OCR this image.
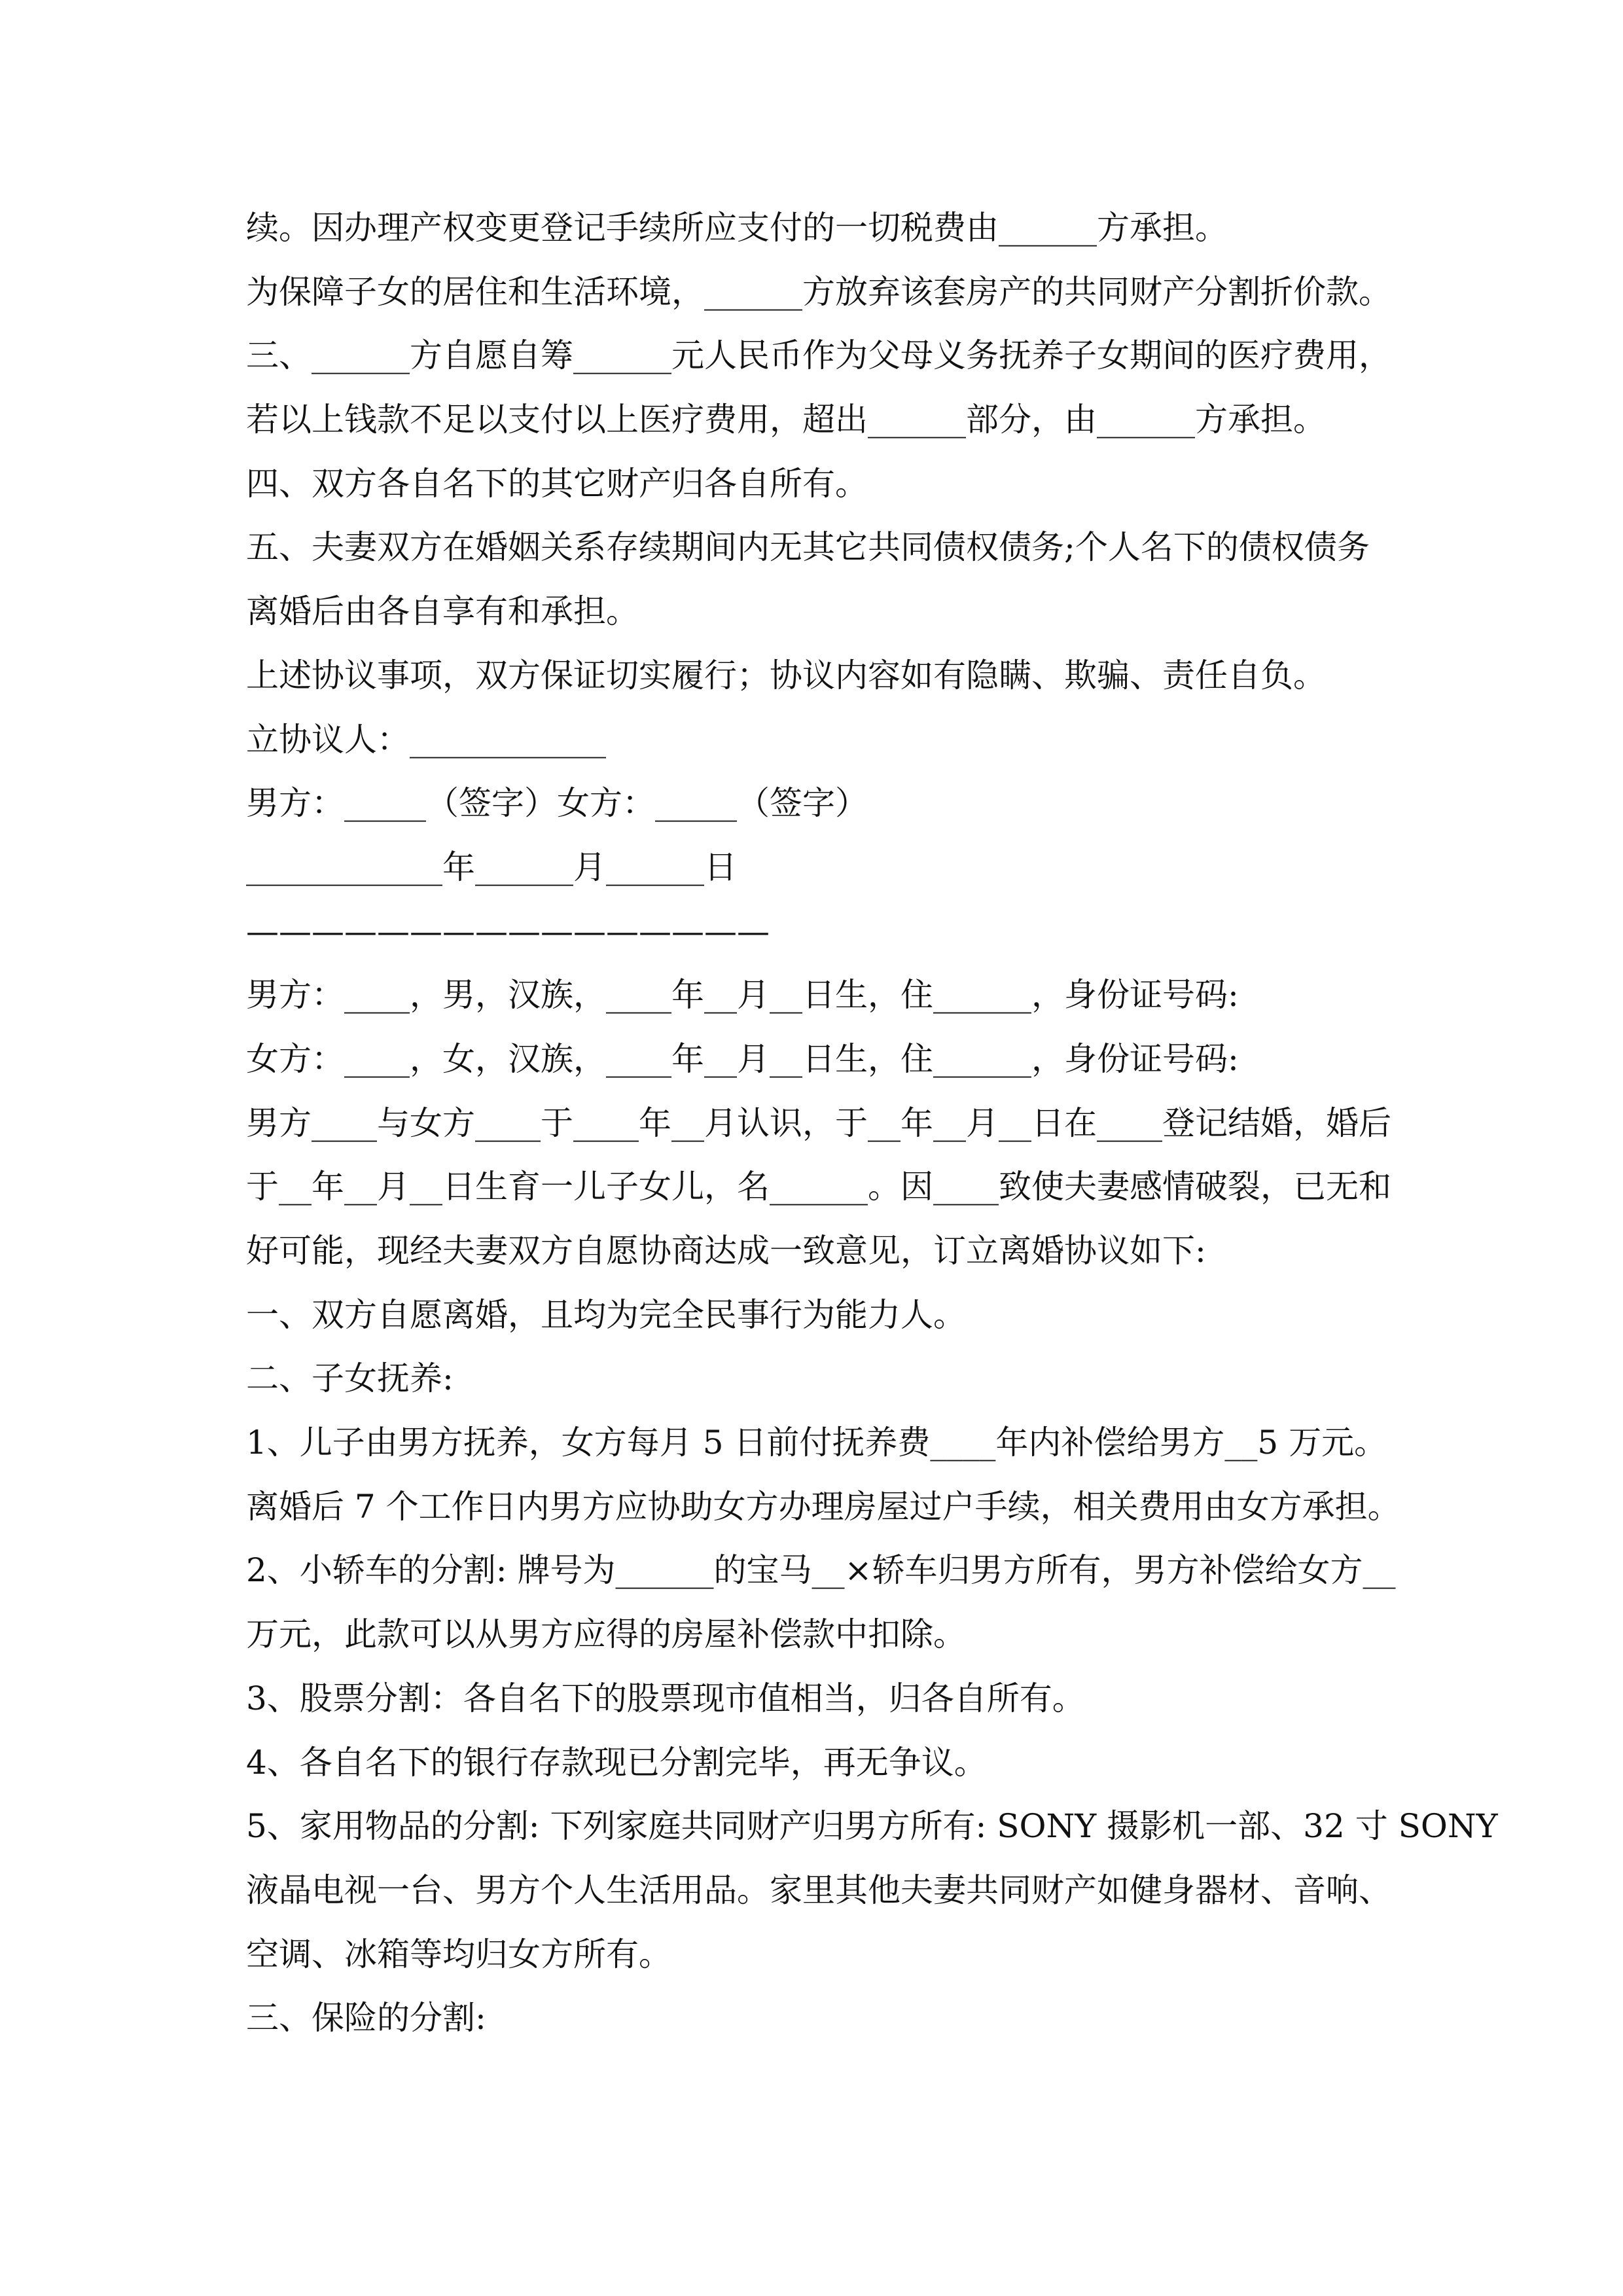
续。因办理产权变更登记手续所应支付的一切税费由______方承担。
为保障子女的居住和生活环境，______方放弃该套房产的共同财产分割折价款。
三、______方自愿自筹______元人民币作为父母义务抚养子女期间的医疗费用，
若以上钱款不足以支付以上医疗费用，超出______部分，由______方承担。
四、双方各自名下的其它财产归各自所有。
五、夫妻双方在婚姻关系存续期间内无其它共同债权债务;个人名下的债权债务
离婚后由各自享有和承担。
上述协议事项，双方保证切实履行；协议内容如有隐瞒、欺骗、责任自负。
立协议人：____________
男方：_____（签字）女方：_____（签字）
____________年______月______日
————————————————
男方：____，男，汉族，____年__月__日生，住______，身份证号码:
女方：____，女，汉族，____年__月__日生，住______，身份证号码:
男方____与女方____于____年__月认识，于__年__月__日在____登记结婚，婚后
于__年__月__日生育一儿子女儿，名______。因____致使夫妻感情破裂，已无和
好可能，现经夫妻双方自愿协商达成一致意见，订立离婚协议如下:
一、双方自愿离婚，且均为完全民事行为能力人。
二、子女抚养:
1、儿子由男方抚养，女方每月 5 日前付抚养费____年内补偿给男方__5 万元。
离婚后 7 个工作日内男方应协助女方办理房屋过户手续，相关费用由女方承担。
2、小轿车的分割: 牌号为______的宝马__×轿车归男方所有，男方补偿给女方__
万元，此款可以从男方应得的房屋补偿款中扣除。
3、股票分割：各自名下的股票现市值相当，归各自所有。
4、各自名下的银行存款现已分割完毕，再无争议。
5、家用物品的分割: 下列家庭共同财产归男方所有: SONY 摄影机一部、32 寸 SONY
液晶电视一台、男方个人生活用品。家里其他夫妻共同财产如健身器材、音响、
空调、冰箱等均归女方所有。
三、保险的分割:
